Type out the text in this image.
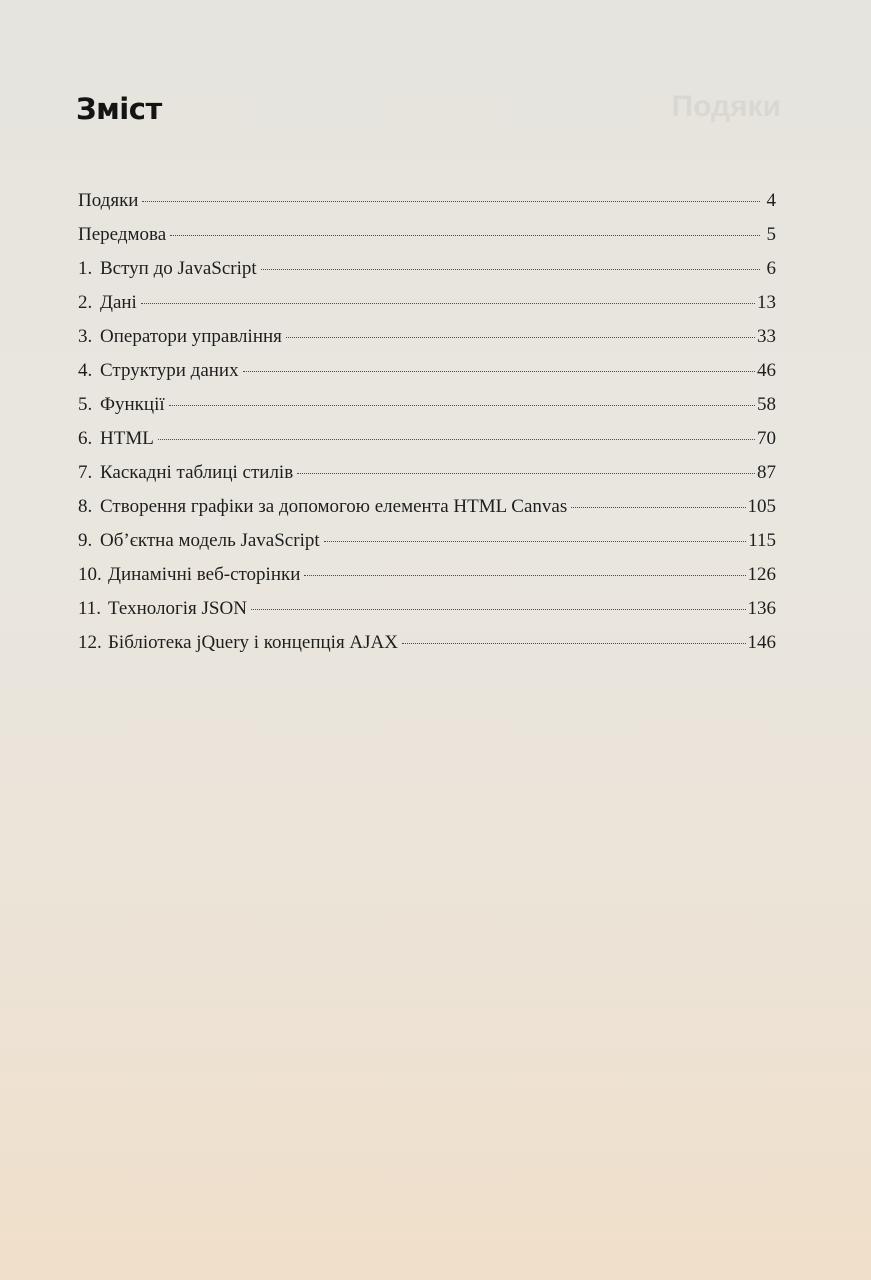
Подяки
Зміст
Подяки	4
Передмова	5
1. Вступ до JavaScript	6
2. Дані	13
3. Оператори управління	33
4. Структури даних	46
5. Функції	58
6. HTML	70
7. Каскадні таблиці стилів	87
8. Створення графіки за допомогою елемента HTML Canvas	105
9. Об’єктна модель JavaScript	115
10. Динамічні веб-сторінки	126
11. Технологія JSON	136
12. Бібліотека jQuery і концепція AJAX	146
